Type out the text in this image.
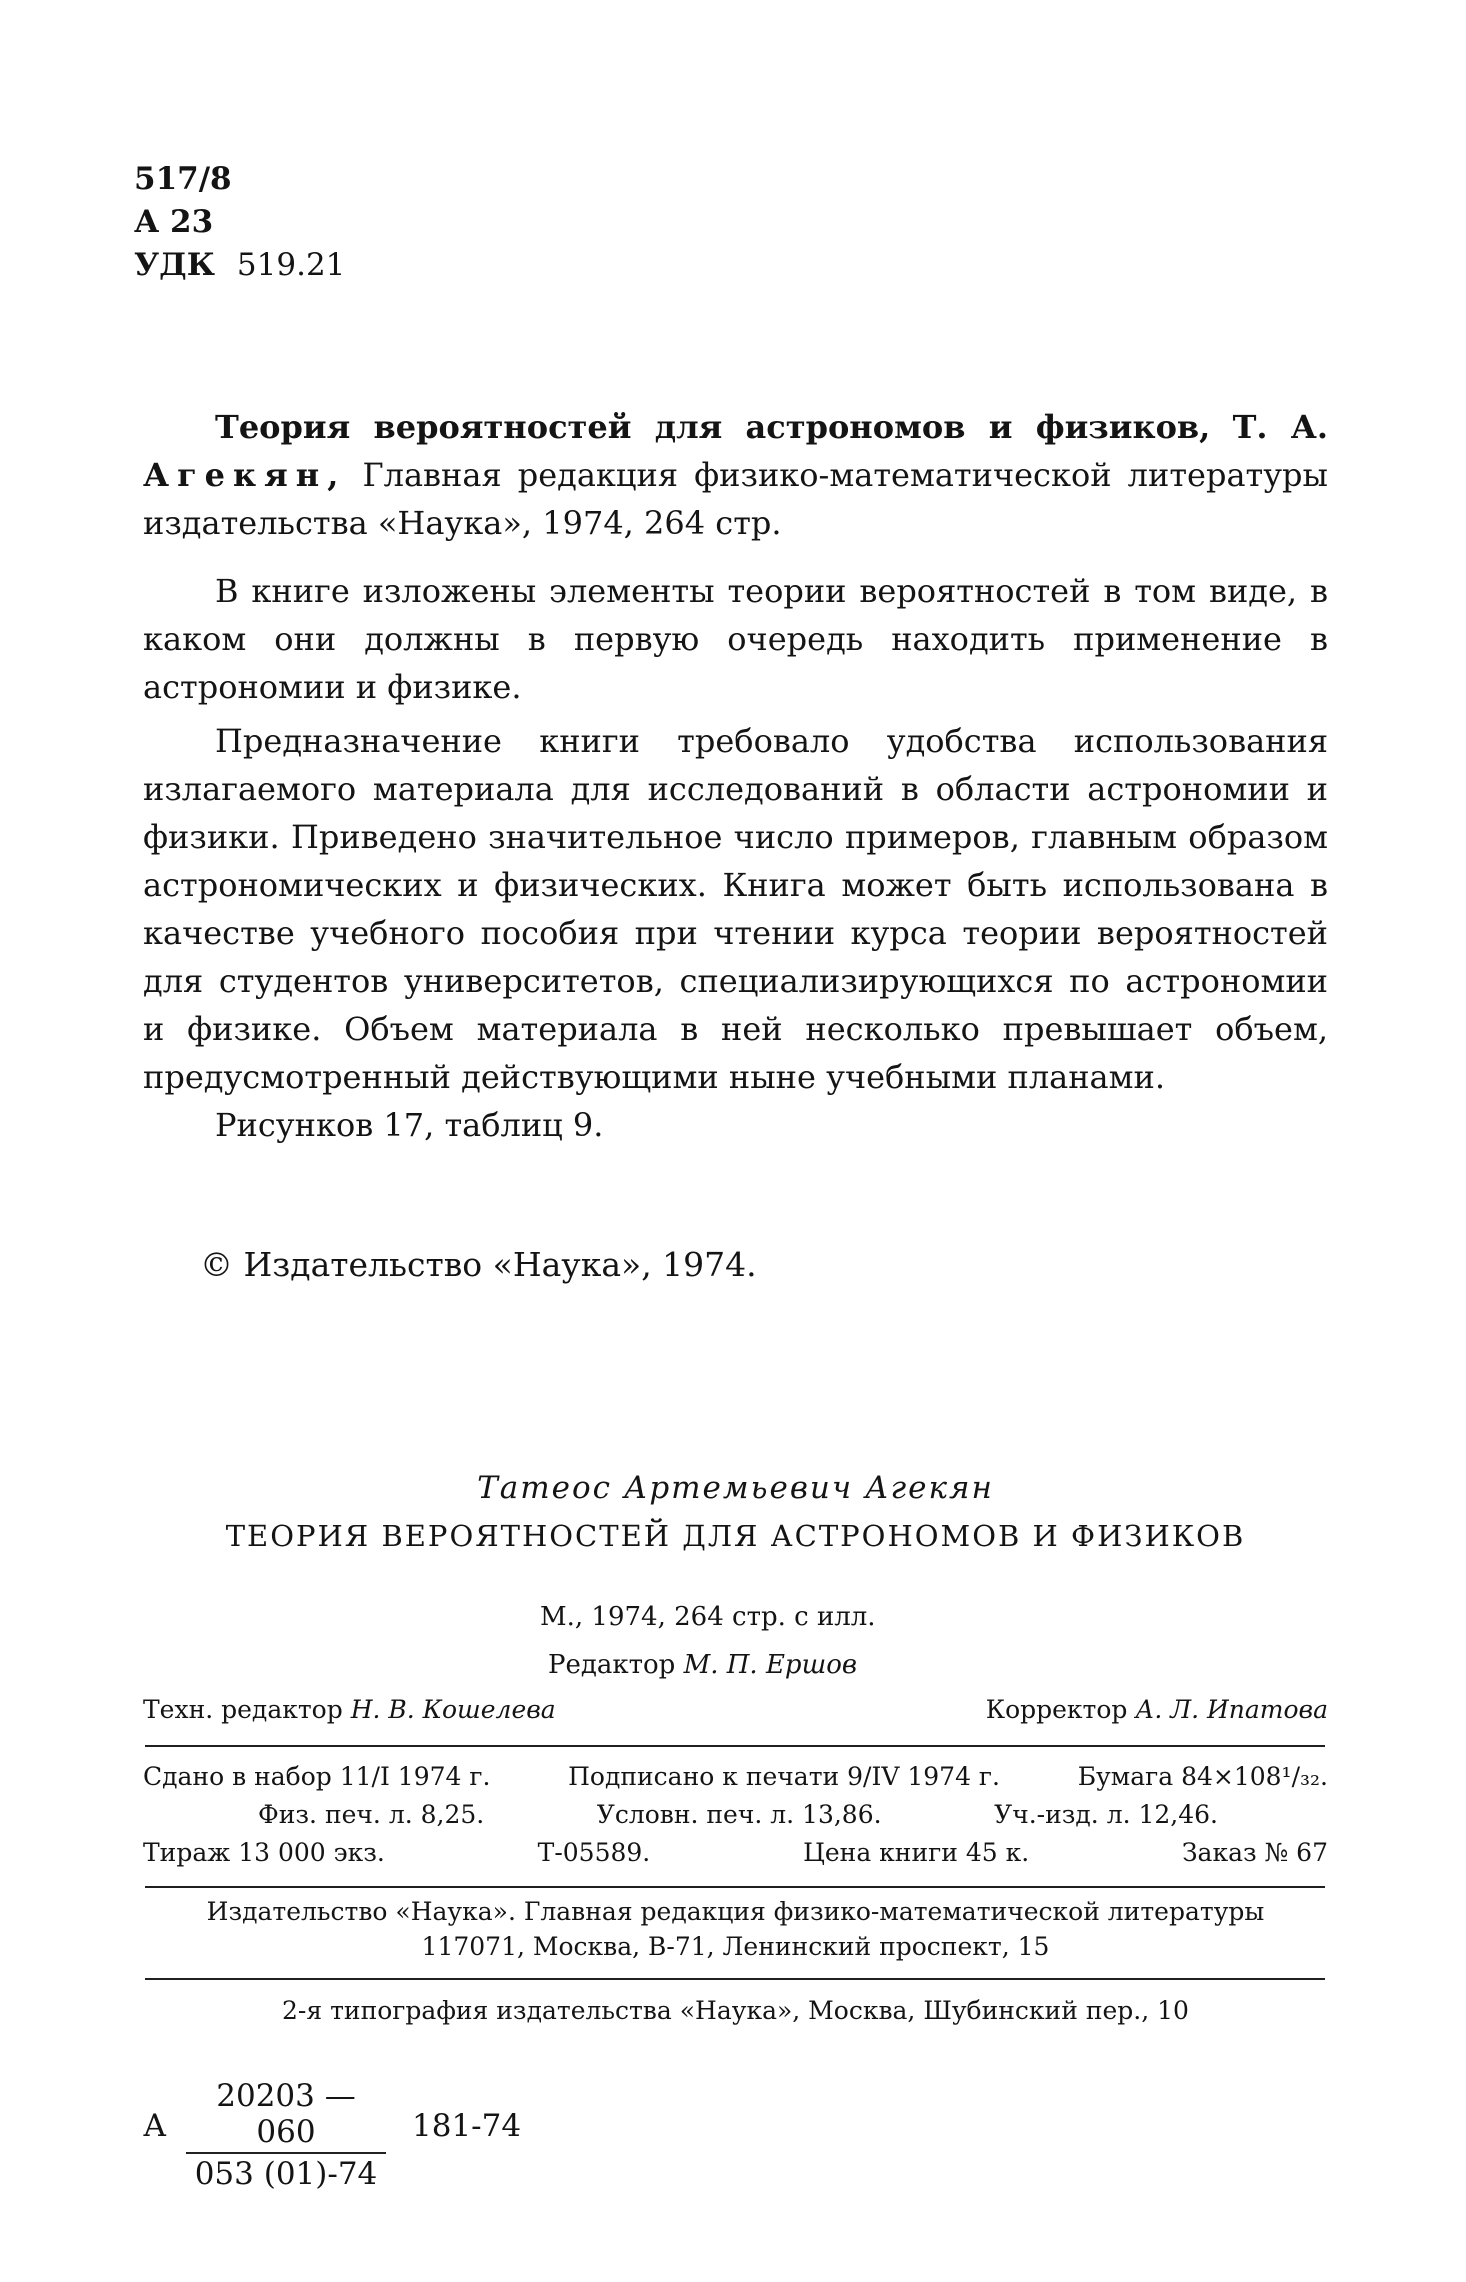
517/8
А 23
УДК 519.21

Теория вероятностей для астрономов и физиков, Т. А. Агекян, Главная редакция физико-математической литературы издательства «Наука», 1974, 264 стр.

В книге изложены элементы теории вероятностей в том виде, в каком они должны в первую очередь находить применение в астрономии и физике.

Предназначение книги требовало удобства использования излагаемого материала для исследований в области астрономии и физики. Приведено значительное число примеров, главным образом астрономических и физических. Книга может быть использована в качестве учебного пособия при чтении курса теории вероятностей для студентов университетов, специализирующихся по астрономии и физике. Объем материала в ней несколько превышает объем, предусмотренный действующими ныне учебными планами.

Рисунков 17, таблиц 9.

© Издательство «Наука», 1974.
Татеос Артемьевич Агекян
ТЕОРИЯ ВЕРОЯТНОСТЕЙ ДЛЯ АСТРОНОМОВ И ФИЗИКОВ
М., 1974, 264 стр. с илл.
Редактор М. П. Ершов
Техн. редактор Н. В. Кошелева	Корректор А. Л. Ипатова
Сдано в набор 11/I 1974 г.	Подписано к печати 9/IV 1974 г.	Бумага 84×108¹/₃₂.
Физ. печ. л. 8,25.	Условн. печ. л. 13,86.	Уч.-изд. л. 12,46.
Тираж 13 000 экз.	Т-05589.	Цена книги 45 к.	Заказ № 67
Издательство «Наука». Главная редакция физико-математической литературы
117071, Москва, В-71, Ленинский проспект, 15
2-я типография издательства «Наука», Москва, Шубинский пер., 10
А $\frac{20203 — 060}{053 (01)-74} 181-74$
